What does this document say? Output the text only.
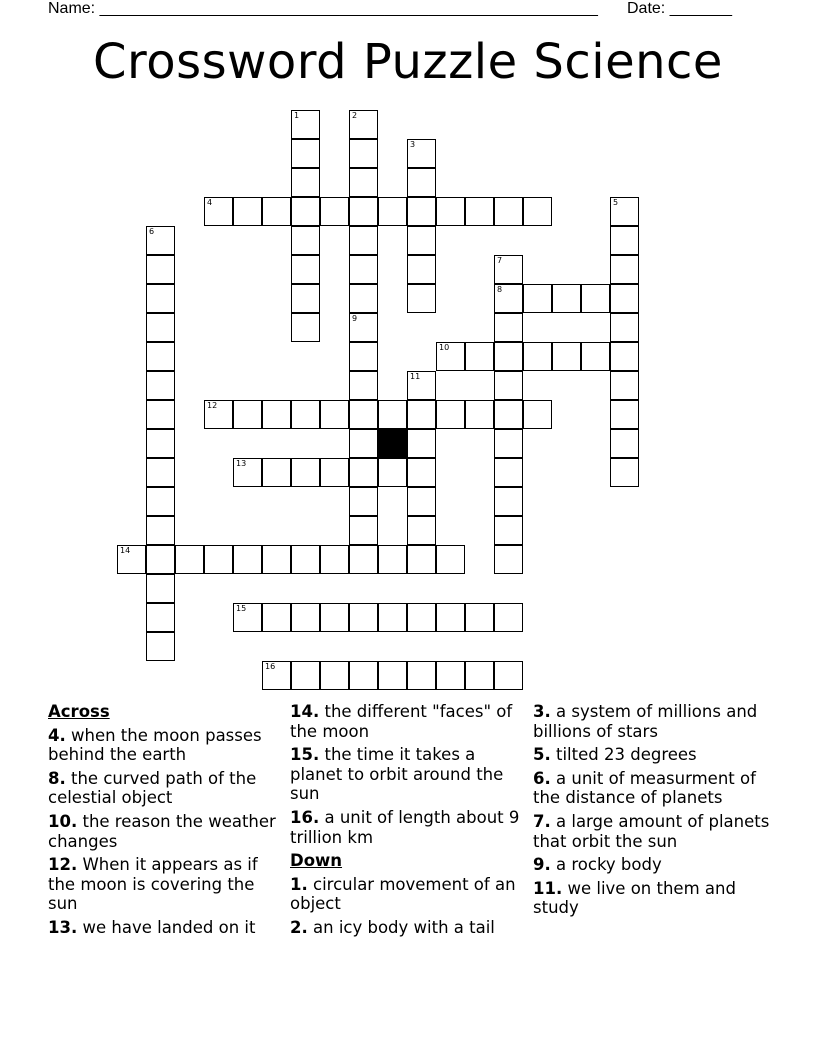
Name: ________________________________________________________ Date: _______
Crossword Puzzle Science
1	2
3
4	5
6
7
8
9
10
11
12
13
14
15
16
Across

4. when the moon passes behind the earth

8. the curved path of the celestial object

10. the reason the weather changes

12. When it appears as if the moon is covering the sun

13. we have landed on it

14. the different "faces" of the moon

15. the time it takes a planet to orbit around the sun

16. a unit of length about 9 trillion km

Down

1. circular movement of an object

2. an icy body with a tail

3. a system of millions and billions of stars

5. tilted 23 degrees

6. a unit of measurment of the distance of planets

7. a large amount of planets that orbit the sun

9. a rocky body

11. we live on them and study
